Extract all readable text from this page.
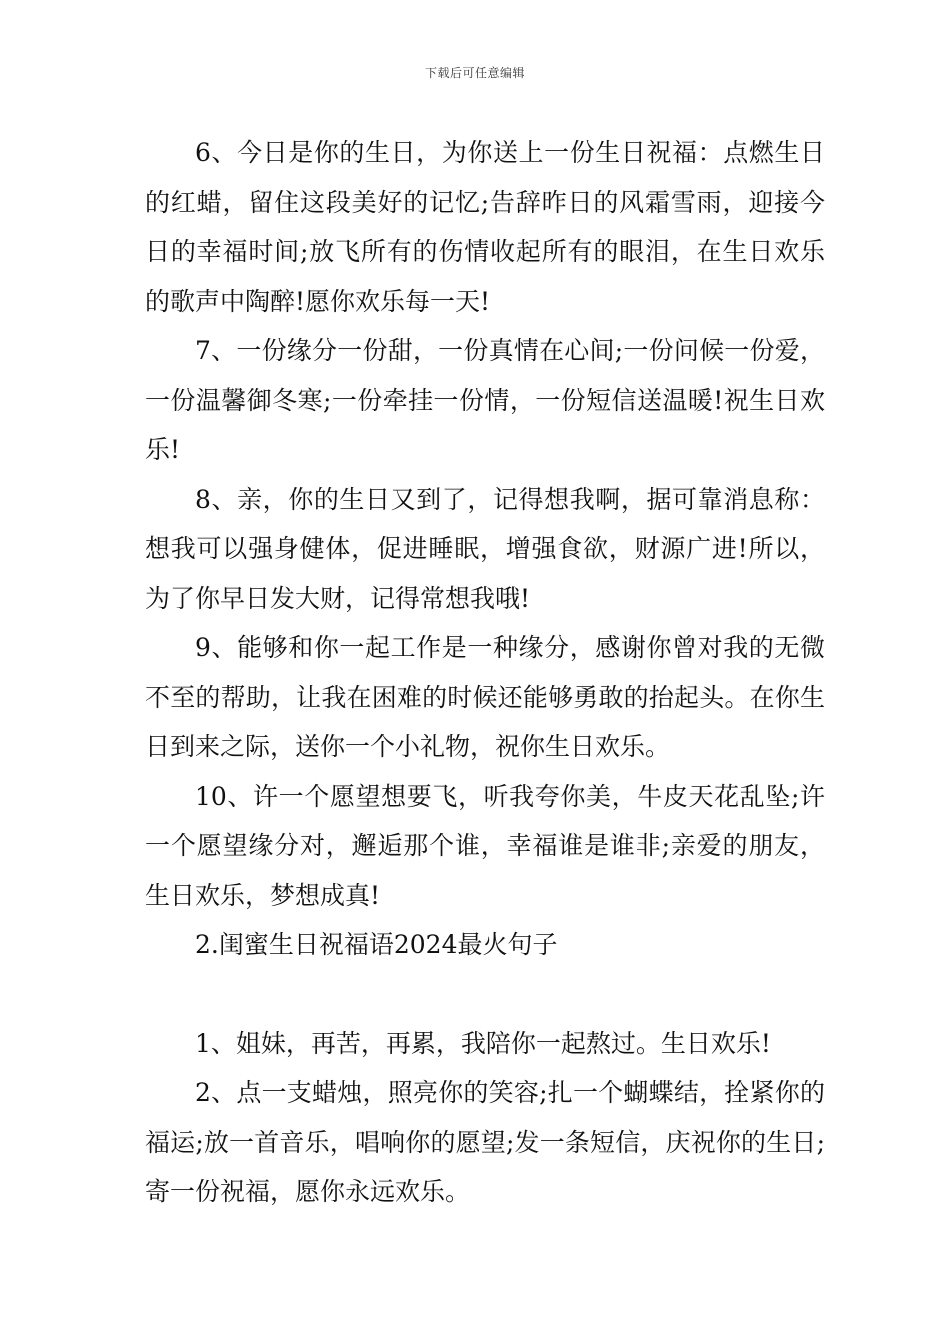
下载后可任意编辑

6、今日是你的生日，为你送上一份生日祝福：点燃生日的红蜡，留住这段美好的记忆;告辞昨日的风霜雪雨，迎接今日的幸福时间;放飞所有的伤情收起所有的眼泪，在生日欢乐的歌声中陶醉!愿你欢乐每一天!

7、一份缘分一份甜，一份真情在心间;一份问候一份爱，一份温馨御冬寒;一份牵挂一份情，一份短信送温暖!祝生日欢乐!

8、亲，你的生日又到了，记得想我啊，据可靠消息称：想我可以强身健体，促进睡眠，增强食欲，财源广进!所以，为了你早日发大财，记得常想我哦!

9、能够和你一起工作是一种缘分，感谢你曾对我的无微不至的帮助，让我在困难的时候还能够勇敢的抬起头。在你生日到来之际，送你一个小礼物，祝你生日欢乐。

10、许一个愿望想要飞，听我夸你美，牛皮天花乱坠;许一个愿望缘分对，邂逅那个谁，幸福谁是谁非;亲爱的朋友，生日欢乐，梦想成真!

2.闺蜜生日祝福语2024最火句子

1、姐妹，再苦，再累，我陪你一起熬过。生日欢乐!

2、点一支蜡烛，照亮你的笑容;扎一个蝴蝶结，拴紧你的福运;放一首音乐，唱响你的愿望;发一条短信，庆祝你的生日;寄一份祝福，愿你永远欢乐。
